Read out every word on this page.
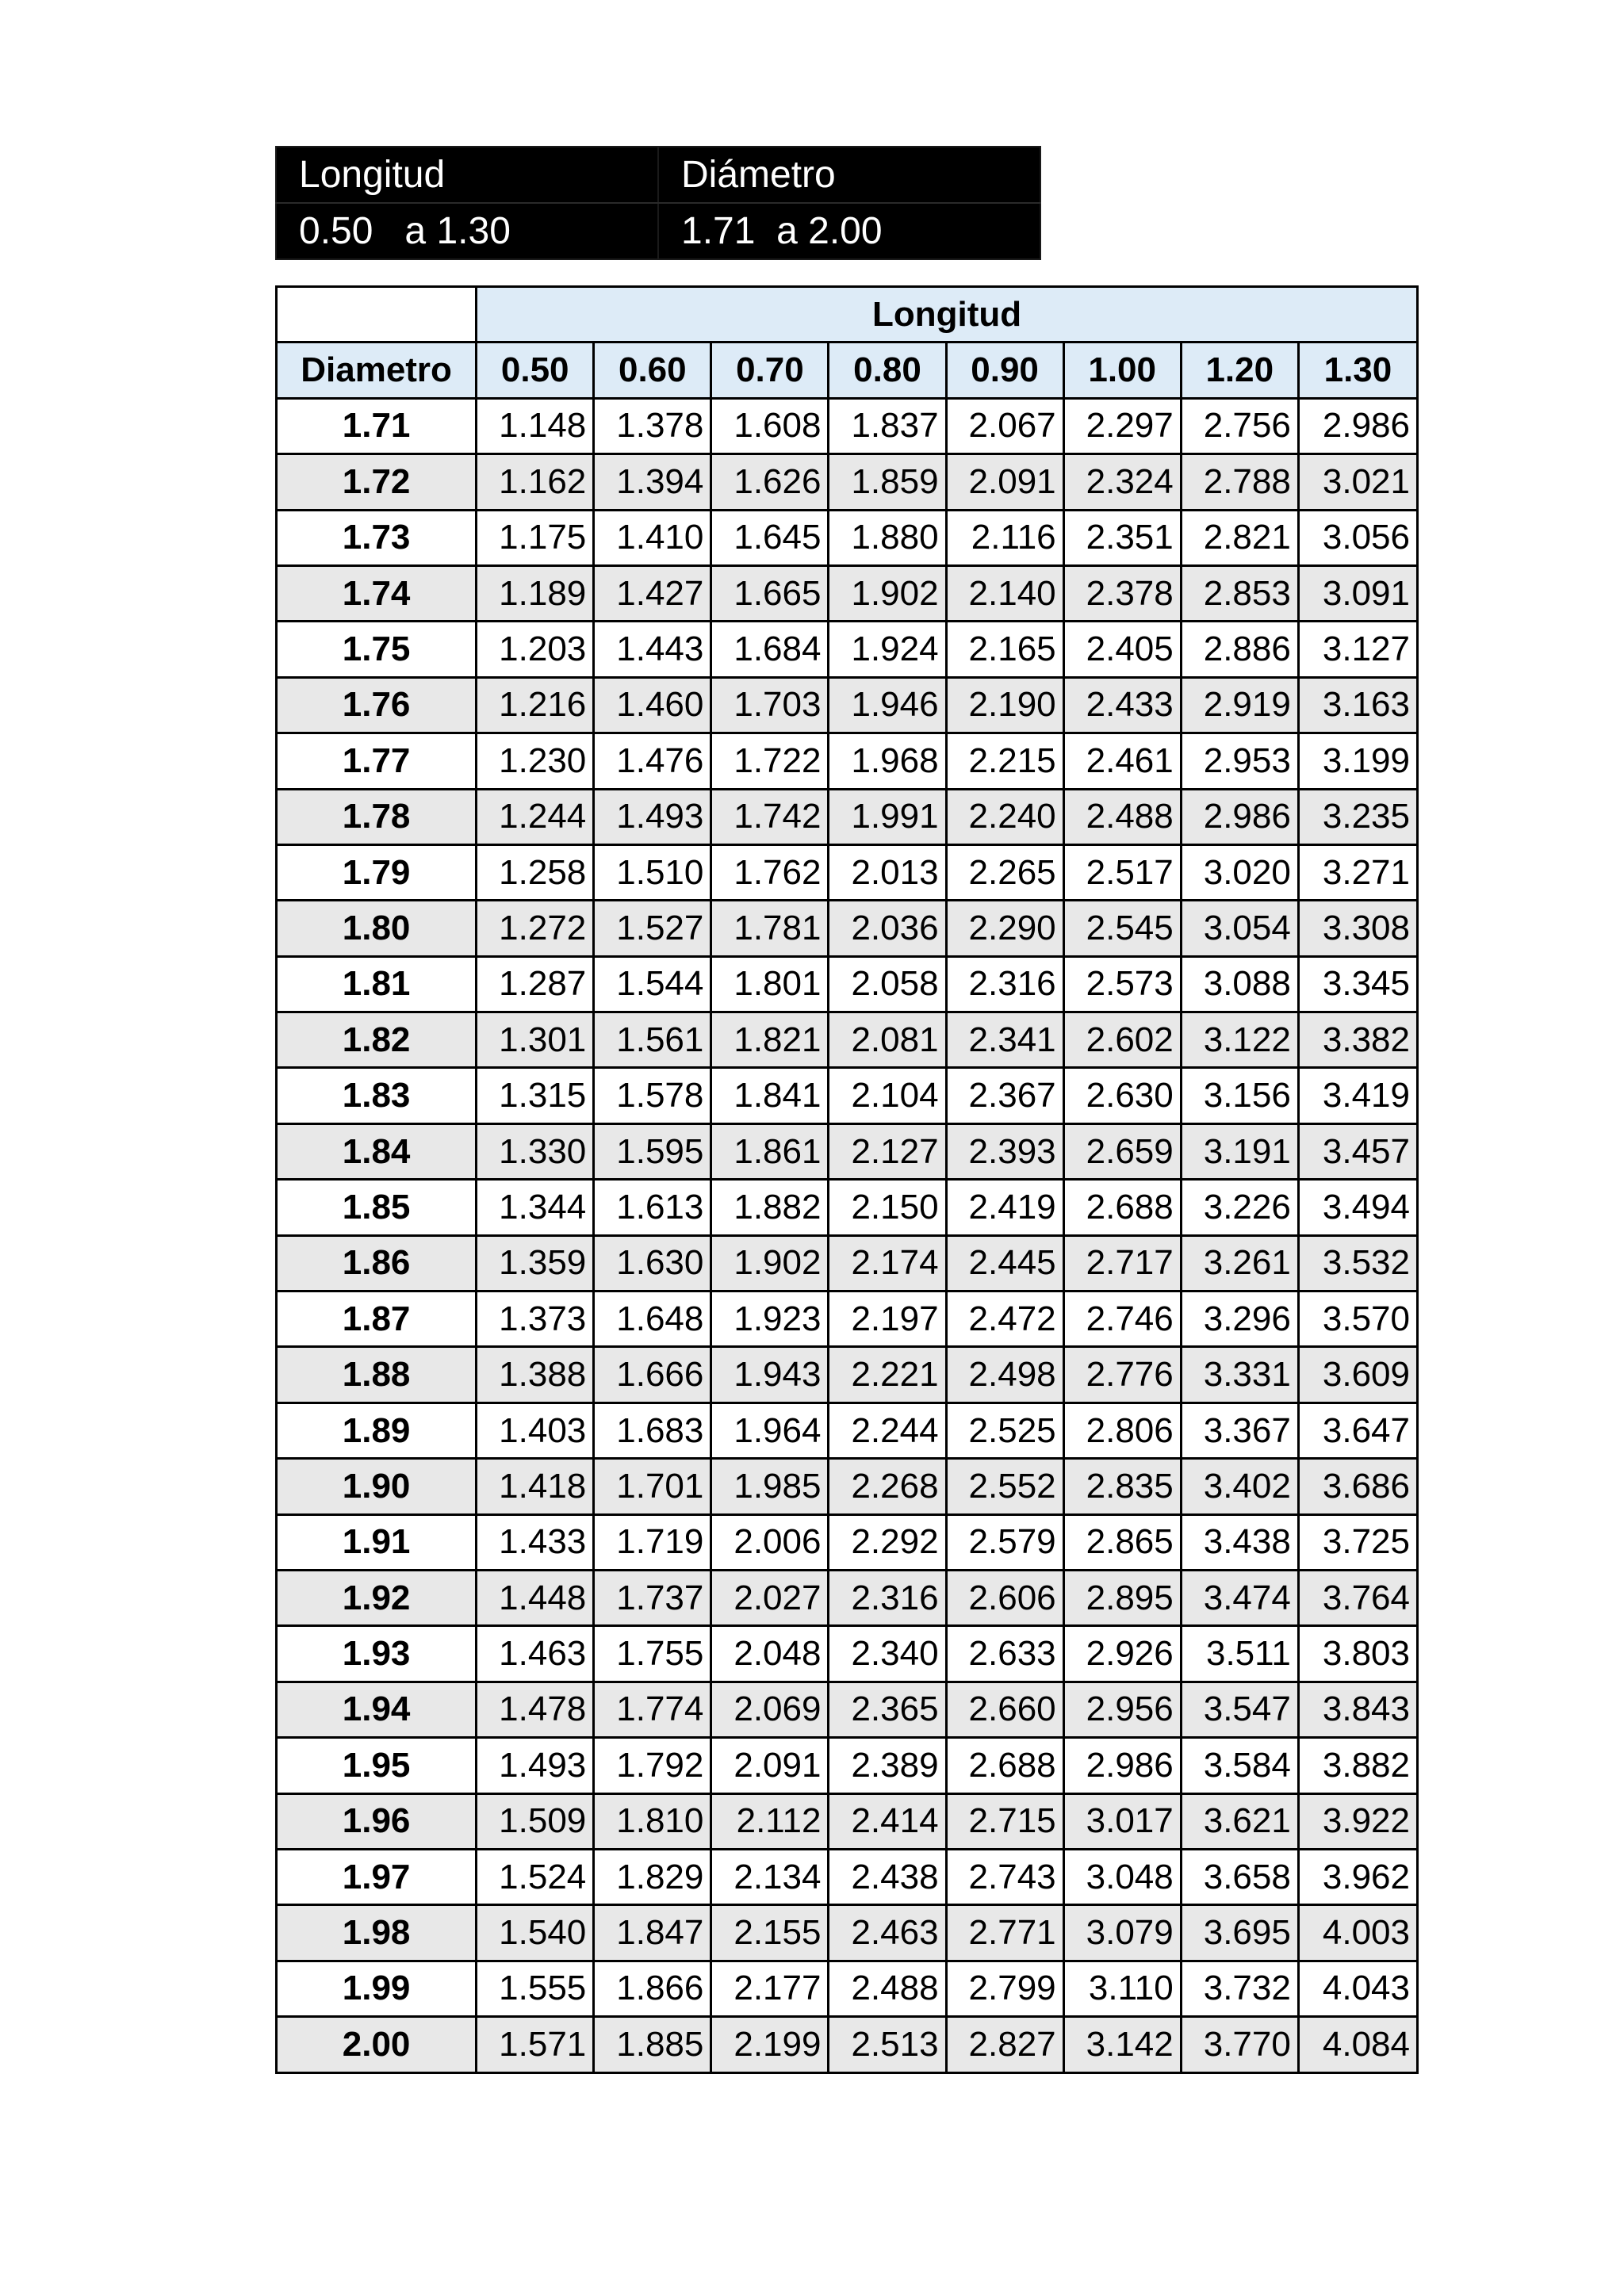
Longitud	Diámetro
0.50   a 1.30	1.71  a 2.00
	Longitud							
Diametro	0.50	0.60	0.70	0.80	0.90	1.00	1.20	1.30
1.71	1.148	1.378	1.608	1.837	2.067	2.297	2.756	2.986
1.72	1.162	1.394	1.626	1.859	2.091	2.324	2.788	3.021
1.73	1.175	1.410	1.645	1.880	2.116	2.351	2.821	3.056
1.74	1.189	1.427	1.665	1.902	2.140	2.378	2.853	3.091
1.75	1.203	1.443	1.684	1.924	2.165	2.405	2.886	3.127
1.76	1.216	1.460	1.703	1.946	2.190	2.433	2.919	3.163
1.77	1.230	1.476	1.722	1.968	2.215	2.461	2.953	3.199
1.78	1.244	1.493	1.742	1.991	2.240	2.488	2.986	3.235
1.79	1.258	1.510	1.762	2.013	2.265	2.517	3.020	3.271
1.80	1.272	1.527	1.781	2.036	2.290	2.545	3.054	3.308
1.81	1.287	1.544	1.801	2.058	2.316	2.573	3.088	3.345
1.82	1.301	1.561	1.821	2.081	2.341	2.602	3.122	3.382
1.83	1.315	1.578	1.841	2.104	2.367	2.630	3.156	3.419
1.84	1.330	1.595	1.861	2.127	2.393	2.659	3.191	3.457
1.85	1.344	1.613	1.882	2.150	2.419	2.688	3.226	3.494
1.86	1.359	1.630	1.902	2.174	2.445	2.717	3.261	3.532
1.87	1.373	1.648	1.923	2.197	2.472	2.746	3.296	3.570
1.88	1.388	1.666	1.943	2.221	2.498	2.776	3.331	3.609
1.89	1.403	1.683	1.964	2.244	2.525	2.806	3.367	3.647
1.90	1.418	1.701	1.985	2.268	2.552	2.835	3.402	3.686
1.91	1.433	1.719	2.006	2.292	2.579	2.865	3.438	3.725
1.92	1.448	1.737	2.027	2.316	2.606	2.895	3.474	3.764
1.93	1.463	1.755	2.048	2.340	2.633	2.926	3.511	3.803
1.94	1.478	1.774	2.069	2.365	2.660	2.956	3.547	3.843
1.95	1.493	1.792	2.091	2.389	2.688	2.986	3.584	3.882
1.96	1.509	1.810	2.112	2.414	2.715	3.017	3.621	3.922
1.97	1.524	1.829	2.134	2.438	2.743	3.048	3.658	3.962
1.98	1.540	1.847	2.155	2.463	2.771	3.079	3.695	4.003
1.99	1.555	1.866	2.177	2.488	2.799	3.110	3.732	4.043
2.00	1.571	1.885	2.199	2.513	2.827	3.142	3.770	4.084
